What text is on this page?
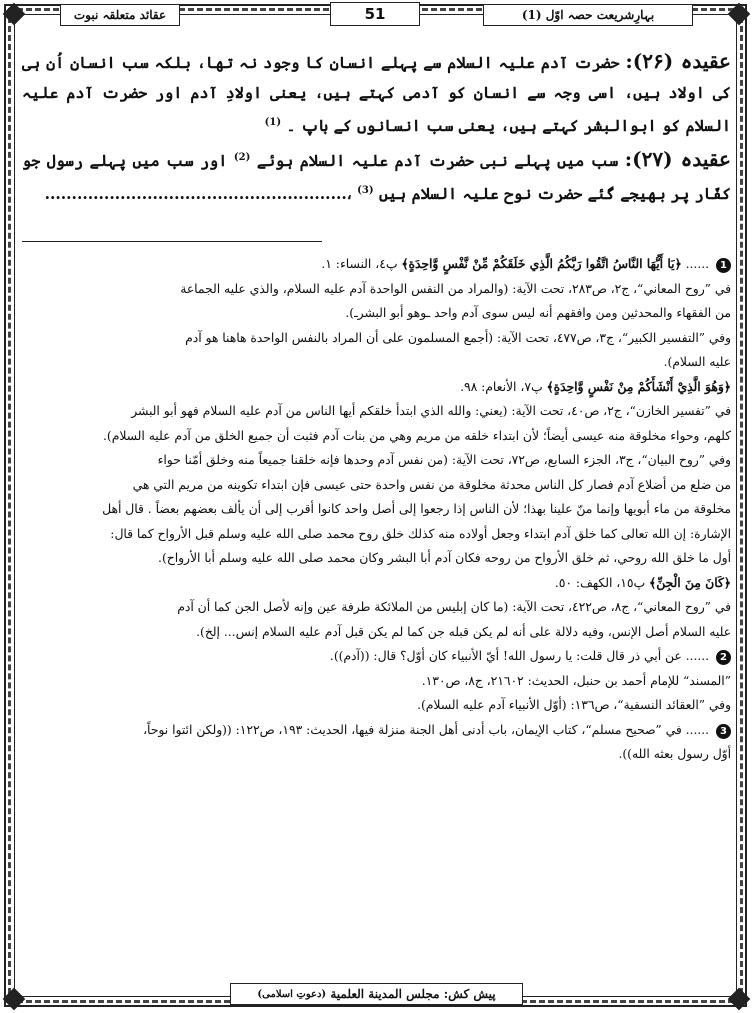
بہارِشریعت حصہ اوّل (1)
عقائد متعلقہ نبوت	51

عقیدہ (۲۶): حضرت آدم علیہ السلام سے پہلے انسان کا وجود نہ تھا، بلکہ سب انسان اُن ہی کی اولاد ہیں، اسی وجہ سے انسان کو آدمی کہتے ہیں، یعنی اولادِ آدم اور حضرت آدم علیہ السلام کو ابوالبشر کہتے ہیں، یعنی سب انسانوں کے باپ ۔ $^{(1)}$

عقیدہ (۲۷): سب میں پہلے نبی حضرت آدم علیہ السلام ہوئے $^{(2)}$ اور سب میں پہلے رسول جو کفّار پر بھیجے گئے حضرت نوح علیہ السلام ہیں $^{(3)}$ ،........................................................

1 ...... ﴿يَا أَيُّهَا النَّاسُ اتَّقُوا رَبَّكُمُ الَّذِي خَلَقَكُمْ مِّنْ نَّفْسٍ وَّاحِدَةٍ﴾ پ٤، النساء: ١.

في ”روح المعاني“، ج٢، ص٢٨٣، تحت الآية: (والمراد من النفس الواحدة آدم عليه السلام، والذي عليه الجماعة

من الفقهاء والمحدثين ومن وافقهم أنه ليس سوى آدم واحد ـوهو أبو البشرـ).

وفي ”التفسير الكبير“، ج٣، ص٤٧٧، تحت الآية: (أجمع المسلمون على أن المراد بالنفس الواحدة هاهنا هو آدم

عليه السلام).

﴿وَهُوَ الَّذِيْ أَنْشَأَكُمْ مِنْ نَفْسٍ وَّاحِدَةٍ﴾ پ٧، الأنعام: ٩٨.

في ”تفسير الخازن“، ج٢، ص٤٠، تحت الآية: (يعني: والله الذي ابتدأ خلقكم أيها الناس من آدم عليه السلام فهو أبو البشر

كلهم، وحواء مخلوقة منه عيسى أيضاً؛ لأن ابتداء خلقه من مريم وهي من بنات آدم فثبت أن جميع الخلق من آدم عليه السلام).

وفي ”روح البيان“، ج٣، الجزء السابع، ص٧٢، تحت الآية: (من نفس آدم وحدها فإنه خلقنا جميعاً منه وخلق أمّنا حواء

من ضلع من أضلاع آدم فصار كل الناس محدثة مخلوقة من نفس واحدة حتى عيسى فإن ابتداء تكوينه من مريم التي هي

مخلوقة من ماء أبويها وإنما منّ علينا بهذا؛ لأن الناس إذا رجعوا إلى أصل واحد كانوا أقرب إلى أن يألف بعضهم بعضاً . قال أهل

الإشارة: إن الله تعالى كما خلق آدم ابتداء وجعل أولاده منه كذلك خلق روح محمد صلى الله عليه وسلم قبل الأرواح كما قال:

أول ما خلق الله روحي، ثم خلق الأرواح من روحه فكان آدم أبا البشر وكان محمد صلى الله عليه وسلم أبا الأرواح).

﴿كَانَ مِنَ الْجِنِّ﴾ پ١٥، الكهف: ٥٠.

في ”روح المعاني“، ج٨، ص٤٢٢، تحت الآية: (ما كان إبليس من الملائكة طرفة عين وإنه لأصل الجن كما أن آدم

عليه السلام أصل الإنس، وفيه دلالة على أنه لم يكن قبله جن كما لم يكن قبل آدم عليه السلام إنس... إلخ).

2 ...... عن أبي ذر قال قلت: يا رسول الله! أيّ الأنبياء كان أوّل؟ قال: ((آدم)).

”المسند“ للإمام أحمد بن حنبل، الحديث: ٢١٦٠٢، ج٨، ص١٣٠.

وفي ”العقائد النسفية“، ص١٣٦: (أوّل الأنبياء آدم عليه السلام).

3 ...... في ”صحيح مسلم“، كتاب الإيمان، باب أدنى أهل الجنة منزلة فيها، الحديث: ١٩٣، ص١٢٢: ((ولكن ائتوا نوحاً،

أوّل رسول بعثه الله)).

پیش کش:

مجلس المدينة العلمية

(دعوتِ اسلامی)
